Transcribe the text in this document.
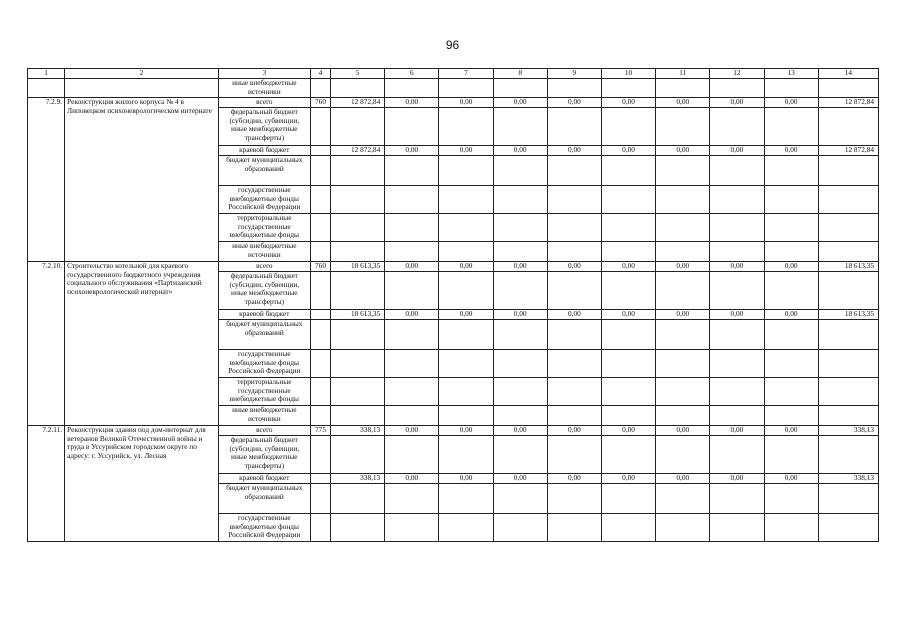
96
1	2	3	4	5	6	7	8	9	10	11	12	13	14
		иные внебюджетные источники											
7.2.9.	Реконструкция жилого корпуса № 4 в Липовецком психоневрологическом интернате	всего	760	12 872,84	0,00	0,00	0,00	0,00	0,00	0,00	0,00	0,00	12 872,84
		федеральный бюджет (субсидии, субвенции, иные межбюджетные трансферты)											
		краевой бюджет		12 872,84	0,00	0,00	0,00	0,00	0,00	0,00	0,00	0,00	12 872,84
		бюджет муниципальных образований											
		государственные внебюджетные фонды Российской Федерации											
		территориальные государственные внебюджетные фонды											
		иные внебюджетные источники											
7.2.10.	Строительство котельной для краевого государственного бюджетного учреждения социального обслуживания «Партизанский психоневрологический интернат»	всего	760	18 613,35	0,00	0,00	0,00	0,00	0,00	0,00	0,00	0,00	18 613,35
		федеральный бюджет (субсидии, субвенции, иные межбюджетные трансферты)											
		краевой бюджет		18 613,35	0,00	0,00	0,00	0,00	0,00	0,00	0,00	0,00	18 613,35
		бюджет муниципальных образований											
		государственные внебюджетные фонды Российской Федерации											
		территориальные государственные внебюджетные фонды											
		иные внебюджетные источники											
7.2.11.	Реконструкция здания под дом-интернат для ветеранов Великой Отечественной войны и труда в Уссурийском городском округе по адресу: г. Уссурийск, ул. Лесная	всего	775	338,13	0,00	0,00	0,00	0,00	0,00	0,00	0,00	0,00	338,13
		федеральный бюджет (субсидии, субвенции, иные межбюджетные трансферты)											
		краевой бюджет		338,13	0,00	0,00	0,00	0,00	0,00	0,00	0,00	0,00	338,13
		бюджет муниципальных образований											
		государственные внебюджетные фонды Российской Федерации											
